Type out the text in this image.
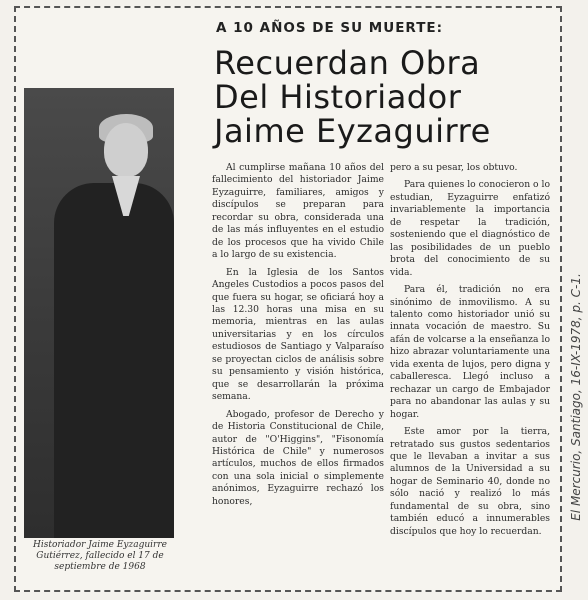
A 10 AÑOS DE SU MUERTE:
Recuerdan Obra
Del Historiador
Jaime Eyzaguirre
Historiador Jaime Eyzaguirre Gutiérrez, fallecido el 17 de septiembre de 1968

Al cumplirse mañana 10 años del fallecimiento del historiador Jaime Eyzaguirre, familiares, amigos y discípulos se preparan para recordar su obra, considerada una de las más influyentes en el estudio de los procesos que ha vivido Chile a lo largo de su existencia.

En la Iglesia de los Santos Angeles Custodios a pocos pasos del que fuera su hogar, se oficiará hoy a las 12.30 horas una misa en su memoria, mientras en las aulas universitarias y en los círculos estudiosos de Santiago y Valparaíso se proyectan ciclos de análisis sobre su pensamiento y visión histórica, que se desarrollarán la próxima semana.

Abogado, profesor de Derecho y de Historia Constitucional de Chile, autor de "O'Higgins", "Fisonomía Histórica de Chile" y numerosos artículos, muchos de ellos firmados con una sola inicial o simplemente anónimos, Eyzaguirre rechazó los honores,

pero a su pesar, los obtuvo.

Para quienes lo conocieron o lo estudian, Eyzaguirre enfatizó invariablemente la importancia de respetar la tradición, sosteniendo que el diagnóstico de las posibilidades de un pueblo brota del conocimiento de su vida.

Para él, tradición no era sinónimo de inmovilismo. A su talento como historiador unió su innata vocación de maestro. Su afán de volcarse a la enseñanza lo hizo abrazar voluntariamente una vida exenta de lujos, pero digna y caballeresca. Llegó incluso a rechazar un cargo de Embajador para no abandonar las aulas y su hogar.

Este amor por la tierra, retratado sus gustos sedentarios que le llevaban a invitar a sus alumnos de la Universidad a su hogar de Seminario 40, donde no sólo nació y realizó lo más fundamental de su obra, sino también educó a innumerables discípulos que hoy lo recuerdan.

El Mercurio, Santiago, 16-IX-1978, p. C-1.
